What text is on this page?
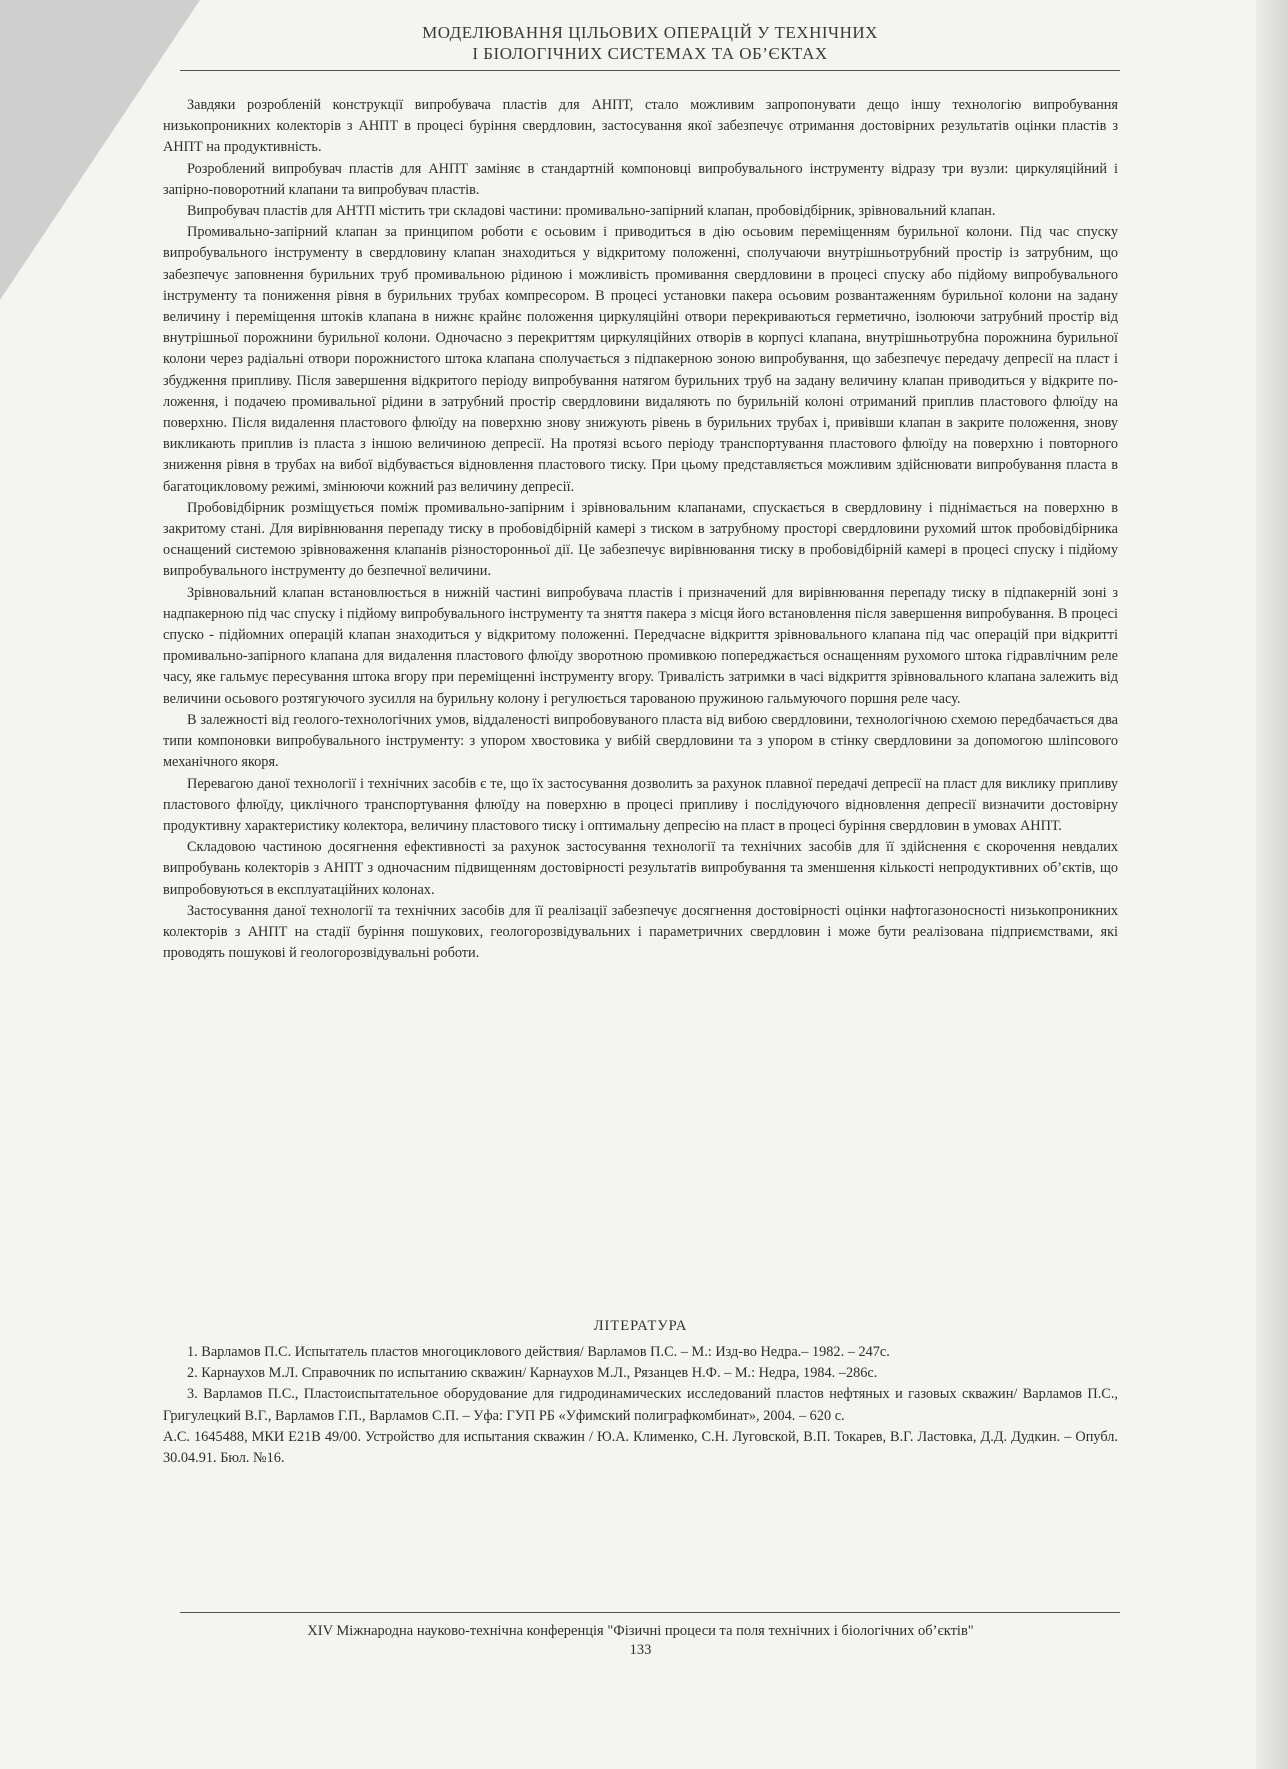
МОДЕЛЮВАННЯ ЦІЛЬОВИХ ОПЕРАЦІЙ У ТЕХНІЧНИХ
І БІОЛОГІЧНИХ СИСТЕМАХ ТА ОБ’ЄКТАХ

Завдяки розробленій конструкції випробувача пластів для АНПТ, стало можливим запропонувати дещо іншу технологію випробування низькопроникних колекторів з АНПТ в процесі буріння свердловин, застосування якої забезпечує отримання достовірних результатів оцінки пластів з АНПТ на продуктивність.

Розроблений випробувач пластів для АНПТ заміняє в стандартній компоновці випробувального інструменту відразу три вузли: циркуляційний і запірно-поворотний клапани та випробувач пластів.

Випробувач пластів для АНТП містить три складові частини: промивально-запірний клапан, пробовідбірник, зрівновальний клапан.

Промивально-запірний клапан за принципом роботи є осьовим і приводиться в дію осьовим переміщенням бурильної колони. Під час спуску випробувального інструменту в свердловину клапан знаходиться у відкритому положенні, сполучаючи внутрішньотрубний простір із затрубним, що забезпечує заповнення бурильних труб промивальною рідиною і можливість промивання свердловини в процесі спуску або підйому випробувального інструменту та пониження рівня в бурильних трубах компресором. В процесі установки пакера осьовим розвантаженням бурильної колони на задану величину і переміщення штоків клапана в нижнє крайнє положення циркуляційні отвори перекриваються герметично, ізолюючи затрубний простір від внутрішньої порожнини бурильної колони. Одночасно з перекриттям циркуляційних отворів в корпусі клапана, внутрішньотрубна порожнина бурильної колони через радіальні отвори порожнистого штока клапана сполучається з підпакерною зоною випробування, що забезпечує передачу депресії на пласт і збудження припливу. Після завершення відкритого періоду випробування натягом бурильних труб на задану величину клапан приводиться у відкрите положення, і подачею промивальної рідини в затрубний простір свердловини видаляють по бурильній колоні отриманий приплив пластового флюїду на поверхню. Після видалення пластового флюїду на поверхню знову знижують рівень в бурильних трубах і, привівши клапан в закрите положення, знову викликають приплив із пласта з іншою величиною депресії. На протязі всього періоду транспортування пластового флюїду на поверхню і повторного зниження рівня в трубах на вибої відбувається відновлення пластового тиску. При цьому представляється можливим здійснювати випробування пласта в багатоцикловому режимі, змінюючи кожний раз величину депресії.

Пробовідбірник розміщується поміж промивально-запірним і зрівновальним клапанами, спускається в свердловину і піднімається на поверхню в закритому стані. Для вирівнювання перепаду тиску в пробовідбірній камері з тиском в затрубному просторі свердловини рухомий шток пробовідбірника оснащений системою зрівноваження клапанів різносторонньої дії. Це забезпечує вирівнювання тиску в пробовідбірній камері в процесі спуску і підйому випробувального інструменту до безпечної величини.

Зрівновальний клапан встановлюється в нижній частині випробувача пластів і призначений для вирівнювання перепаду тиску в підпакерній зоні з надпакерною під час спуску і підйому випробувального інструменту та зняття пакера з місця його встановлення після завершення випробування. В процесі спуско - підйомних операцій клапан знаходиться у відкритому положенні. Передчасне відкриття зрівновального клапана під час операцій при відкритті промивально-запірного клапана для видалення пластового флюїду зворотною промивкою попереджається оснащенням рухомого штока гідравлічним реле часу, яке гальмує пересування штока вгору при переміщенні інструменту вгору. Тривалість затримки в часі відкриття зрівновального клапана залежить від величини осьового розтягуючого зусилля на бурильну колону і регулюється тарованою пружиною гальмуючого поршня реле часу.

В залежності від геолого-технологічних умов, віддаленості випробовуваного пласта від вибою свердловини, технологічною схемою передбачається два типи компоновки випробувального інструменту: з упором хвостовика у вибій свердловини та з упором в стінку свердловини за допомогою шліпсового механічного якоря.

Перевагою даної технології і технічних засобів є те, що їх застосування дозволить за рахунок плавної передачі депресії на пласт для виклику припливу пластового флюїду, циклічного транспортування флюїду на поверхню в процесі припливу і послідуючого відновлення депресії визначити достовірну продуктивну характеристику колектора, величину пластового тиску і оптимальну депресію на пласт в процесі буріння свердловин в умовах АНПТ.

Складовою частиною досягнення ефективності за рахунок застосування технології та технічних засобів для її здійснення є скорочення невдалих випробувань колекторів з АНПТ з одночасним підвищенням достовірності результатів випробування та зменшення кількості непродуктивних об’єктів, що випробовуються в експлуатаційних колонах.

Застосування даної технології та технічних засобів для її реалізації забезпечує досягнення достовірності оцінки нафтогазоносності низькопроникних колекторів з АНПТ на стадії буріння пошукових, геологорозвідувальних і параметричних свердловин і може бути реалізована підприємствами, які проводять пошукові й геологорозвідувальні роботи.

ЛІТЕРАТУРА

1. Варламов П.С. Испытатель пластов многоциклового действия/ Варламов П.С. – М.: Изд-во Недра.– 1982. – 247с.

2. Карнаухов М.Л. Справочник по испытанию скважин/ Карнаухов М.Л., Рязанцев Н.Ф. – М.: Недра, 1984. –286с.

3. Варламов П.С., Пластоиспытательное оборудование для гидродинамических исследований пластов нефтяных и газовых скважин/ Варламов П.С., Григулецкий В.Г., Варламов Г.П., Варламов С.П. – Уфа: ГУП РБ «Уфимский полиграфкомбинат», 2004. – 620 с.

А.С. 1645488, МКИ Е21В 49/00. Устройство для испытания скважин / Ю.А. Клименко, С.Н. Луговской, В.П. Токарев, В.Г. Ластовка, Д.Д. Дудкин. – Опубл. 30.04.91. Бюл. №16.

XIV Міжнародна науково-технічна конференція "Фізичні процеси та поля технічних і біологічних об’єктів"
133
